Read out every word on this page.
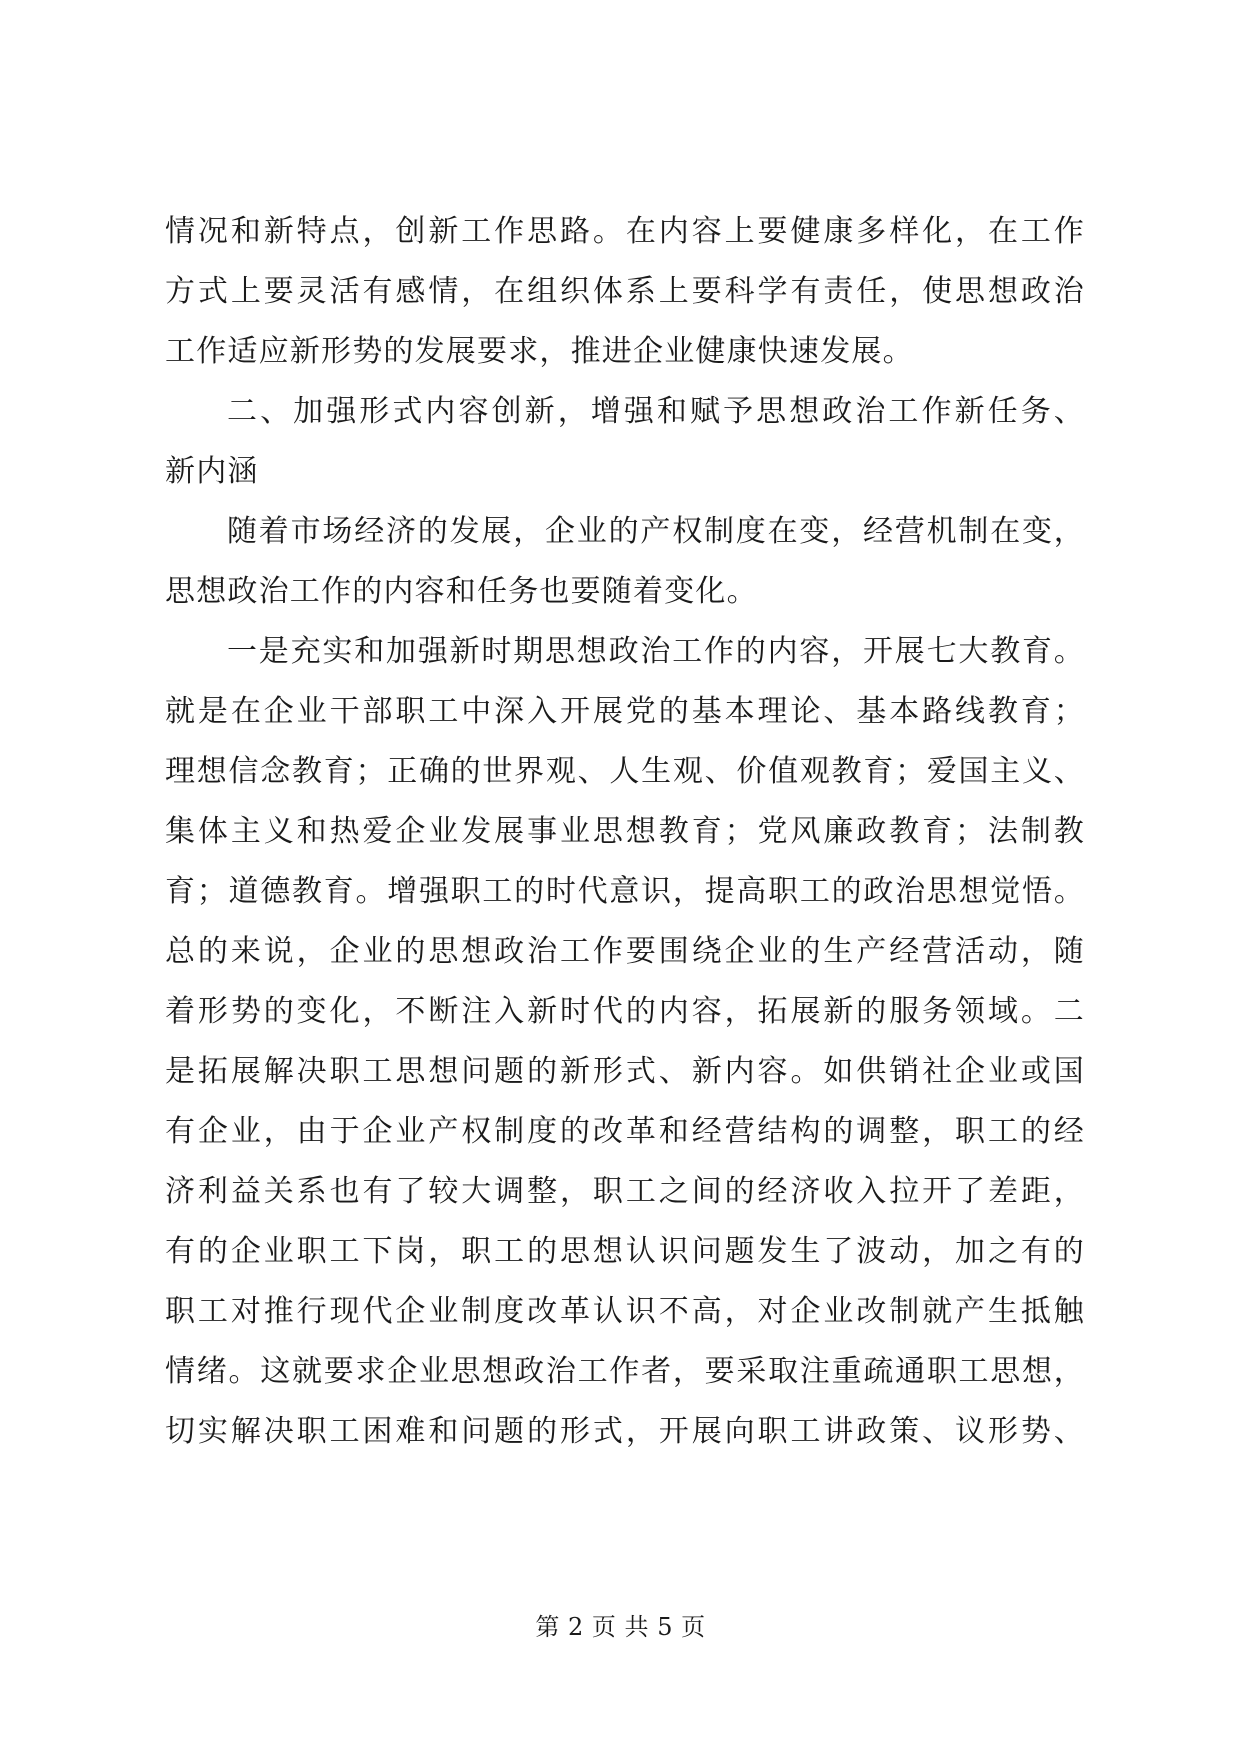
情况和新特点，创新工作思路。在内容上要健康多样化，在工作
方式上要灵活有感情，在组织体系上要科学有责任，使思想政治
工作适应新形势的发展要求，推进企业健康快速发展。
二、加强形式内容创新，增强和赋予思想政治工作新任务、
新内涵
随着市场经济的发展，企业的产权制度在变，经营机制在变，
思想政治工作的内容和任务也要随着变化。
一是充实和加强新时期思想政治工作的内容，开展七大教育。
就是在企业干部职工中深入开展党的基本理论、基本路线教育；
理想信念教育；正确的世界观、人生观、价值观教育；爱国主义、
集体主义和热爱企业发展事业思想教育；党风廉政教育；法制教
育；道德教育。增强职工的时代意识，提高职工的政治思想觉悟。
总的来说，企业的思想政治工作要围绕企业的生产经营活动，随
着形势的变化，不断注入新时代的内容，拓展新的服务领域。二
是拓展解决职工思想问题的新形式、新内容。如供销社企业或国
有企业，由于企业产权制度的改革和经营结构的调整，职工的经
济利益关系也有了较大调整，职工之间的经济收入拉开了差距，
有的企业职工下岗，职工的思想认识问题发生了波动，加之有的
职工对推行现代企业制度改革认识不高，对企业改制就产生抵触
情绪。这就要求企业思想政治工作者，要采取注重疏通职工思想，
切实解决职工困难和问题的形式，开展向职工讲政策、议形势、
第 2 页 共 5 页
